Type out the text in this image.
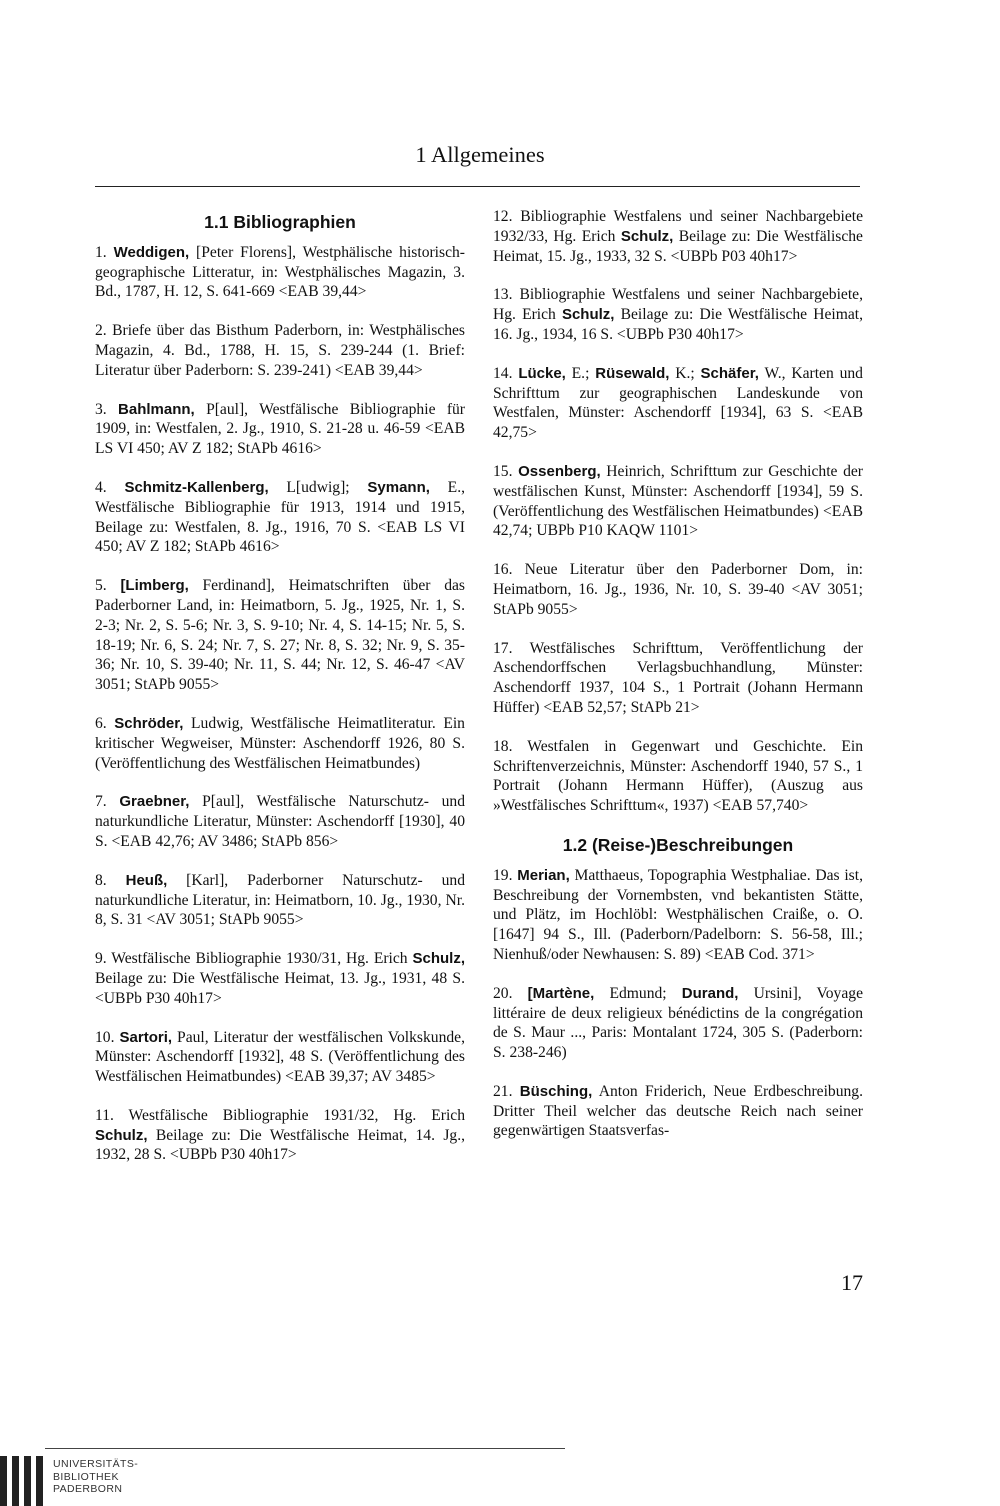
1 Allgemeines
1.1 Bibliographien

1. Weddigen, [Peter Florens], Westphälische historisch-geographische Litteratur, in: Westphälisches Magazin, 3. Bd., 1787, H. 12, S. 641-669 <EAB 39,44>

2. Briefe über das Bisthum Paderborn, in: Westphälisches Magazin, 4. Bd., 1788, H. 15, S. 239-244 (1. Brief: Literatur über Paderborn: S. 239-241) <EAB 39,44>

3. Bahlmann, P[aul], Westfälische Bibliographie für 1909, in: Westfalen, 2. Jg., 1910, S. 21-28 u. 46-59 <EAB LS VI 450; AV Z 182; StAPb 4616>

4. Schmitz-Kallenberg, L[udwig]; Symann, E., Westfälische Bibliographie für 1913, 1914 und 1915, Beilage zu: Westfalen, 8. Jg., 1916, 70 S. <EAB LS VI 450; AV Z 182; StAPb 4616>

5. [Limberg, Ferdinand], Heimatschriften über das Paderborner Land, in: Heimatborn, 5. Jg., 1925, Nr. 1, S. 2-3; Nr. 2, S. 5-6; Nr. 3, S. 9-10; Nr. 4, S. 14-15; Nr. 5, S. 18-19; Nr. 6, S. 24; Nr. 7, S. 27; Nr. 8, S. 32; Nr. 9, S. 35-36; Nr. 10, S. 39-40; Nr. 11, S. 44; Nr. 12, S. 46-47 <AV 3051; StAPb 9055>

6. Schröder, Ludwig, Westfälische Heimatliteratur. Ein kritischer Wegweiser, Münster: Aschendorff 1926, 80 S. (Veröffentlichung des Westfälischen Heimatbundes)

7. Graebner, P[aul], Westfälische Naturschutz- und naturkundliche Literatur, Münster: Aschendorff [1930], 40 S. <EAB 42,76; AV 3486; StAPb 856>

8. Heuß, [Karl], Paderborner Naturschutz- und naturkundliche Literatur, in: Heimatborn, 10. Jg., 1930, Nr. 8, S. 31 <AV 3051; StAPb 9055>

9. Westfälische Bibliographie 1930/31, Hg. Erich Schulz, Beilage zu: Die Westfälische Heimat, 13. Jg., 1931, 48 S. <UBPb P30 40h17>

10. Sartori, Paul, Literatur der westfälischen Volkskunde, Münster: Aschendorff [1932], 48 S. (Veröffentlichung des Westfälischen Heimatbundes) <EAB 39,37; AV 3485>

11. Westfälische Bibliographie 1931/32, Hg. Erich Schulz, Beilage zu: Die Westfälische Heimat, 14. Jg., 1932, 28 S. <UBPb P30 40h17>

12. Bibliographie Westfalens und seiner Nachbargebiete 1932/33, Hg. Erich Schulz, Beilage zu: Die Westfälische Heimat, 15. Jg., 1933, 32 S. <UBPb P03 40h17>

13. Bibliographie Westfalens und seiner Nachbargebiete, Hg. Erich Schulz, Beilage zu: Die Westfälische Heimat, 16. Jg., 1934, 16 S. <UBPb P30 40h17>

14. Lücke, E.; Rüsewald, K.; Schäfer, W., Karten und Schrifttum zur geographischen Landeskunde von Westfalen, Münster: Aschendorff [1934], 63 S. <EAB 42,75>

15. Ossenberg, Heinrich, Schrifttum zur Geschichte der westfälischen Kunst, Münster: Aschendorff [1934], 59 S. (Veröffentlichung des Westfälischen Heimatbundes) <EAB 42,74; UBPb P10 KAQW 1101>

16. Neue Literatur über den Paderborner Dom, in: Heimatborn, 16. Jg., 1936, Nr. 10, S. 39-40 <AV 3051; StAPb 9055>

17. Westfälisches Schrifttum, Veröffentlichung der Aschendorffschen Verlagsbuchhandlung, Münster: Aschendorff 1937, 104 S., 1 Portrait (Johann Hermann Hüffer) <EAB 52,57; StAPb 21>

18. Westfalen in Gegenwart und Geschichte. Ein Schriftenverzeichnis, Münster: Aschendorff 1940, 57 S., 1 Portrait (Johann Hermann Hüffer), (Auszug aus »Westfälisches Schrifttum«, 1937) <EAB 57,740>

1.2 (Reise-)Beschreibungen

19. Merian, Matthaeus, Topographia Westphaliae. Das ist, Beschreibung der Vornembsten, vnd bekantisten Stätte, und Plätz, im Hochlöbl: Westphälischen Craiße, o. O. [1647] 94 S., Ill. (Paderborn/Padelborn: S. 56-58, Ill.; Nienhuß/oder Newhausen: S. 89) <EAB Cod. 371>

20. [Martène, Edmund; Durand, Ursini], Voyage littéraire de deux religieux bénédictins de la congrégation de S. Maur ..., Paris: Montalant 1724, 305 S. (Paderborn: S. 238-246)

21. Büsching, Anton Friderich, Neue Erdbeschreibung. Dritter Theil welcher das deutsche Reich nach seiner gegenwärtigen Staatsverfas-

17
UNIVERSITÄTS-
BIBLIOTHEK
PADERBORN
